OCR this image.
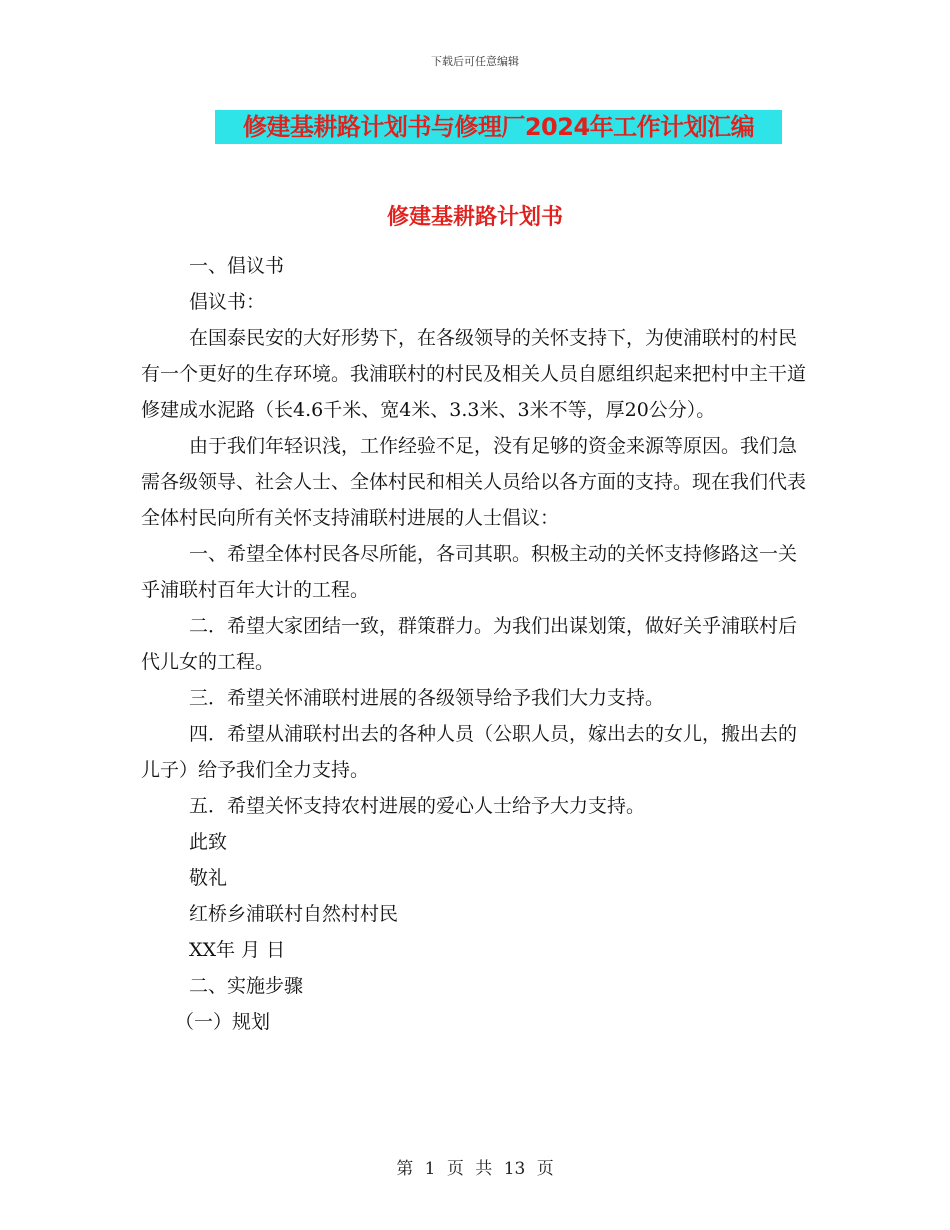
下载后可任意编辑
修建基耕路计划书与修理厂2024年工作计划汇编
修建基耕路计划书

一、倡议书

倡议书：

在国泰民安的大好形势下，在各级领导的关怀支持下，为使浦联村的村民有一个更好的生存环境。我浦联村的村民及相关人员自愿组织起来把村中主干道修建成水泥路（长4.6千米、宽4米、3.3米、3米不等，厚20公分）。

由于我们年轻识浅，工作经验不足，没有足够的资金来源等原因。我们急需各级领导、社会人士、全体村民和相关人员给以各方面的支持。现在我们代表全体村民向所有关怀支持浦联村进展的人士倡议：

一、希望全体村民各尽所能，各司其职。积极主动的关怀支持修路这一关乎浦联村百年大计的工程。

二．希望大家团结一致，群策群力。为我们出谋划策，做好关乎浦联村后代儿女的工程。

三．希望关怀浦联村进展的各级领导给予我们大力支持。

四．希望从浦联村出去的各种人员（公职人员，嫁出去的女儿，搬出去的儿子）给予我们全力支持。

五．希望关怀支持农村进展的爱心人士给予大力支持。

此致

敬礼

红桥乡浦联村自然村村民

XX年 月 日

二、实施步骤

（一）规划

第 1 页 共 13 页
